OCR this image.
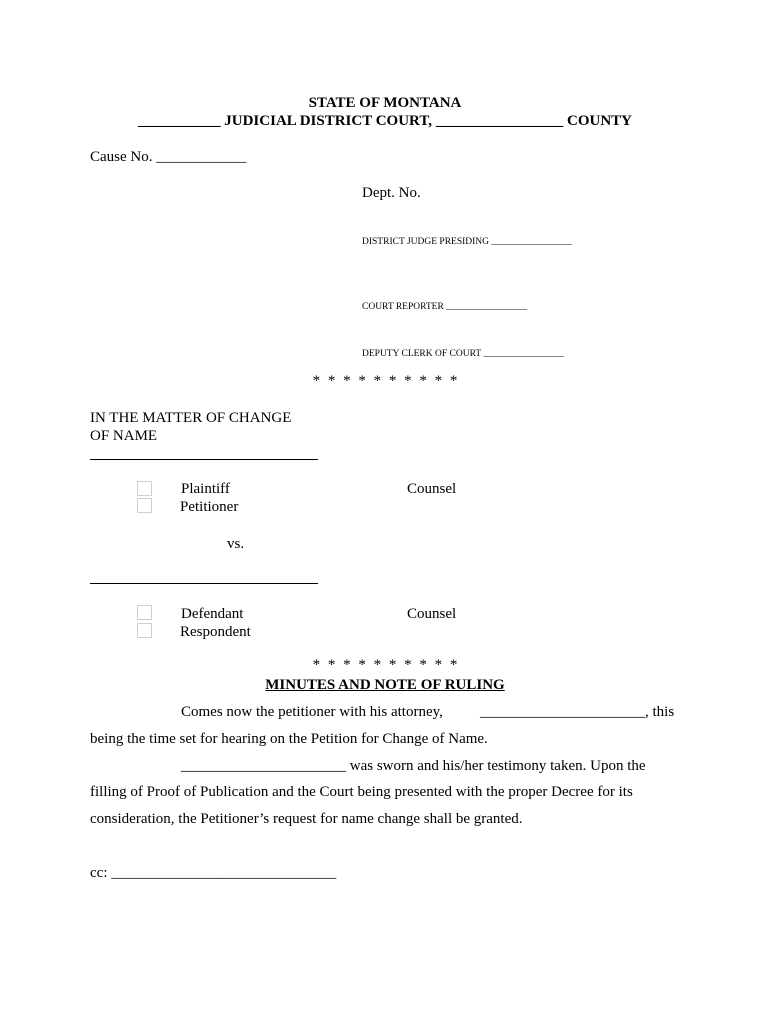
STATE OF MONTANA
___________ JUDICIAL DISTRICT COURT, _________________ COUNTY
Cause No. ____________
Dept. No.
DISTRICT JUDGE PRESIDING _________________
COURT REPORTER _________________
DEPUTY CLERK OF COURT _________________
* * * * * * * * * *
IN THE MATTER OF CHANGE
OF NAME
Plaintiff
Petitioner
Counsel
vs.
Defendant
Respondent
Counsel
* * * * * * * * * *
MINUTES AND NOTE OF RULING
Comes now the petitioner with his attorney, ______________________, this
being the time set for hearing on the Petition for Change of Name.
______________________ was sworn and his/her testimony taken. Upon the
filling of Proof of Publication and the Court being presented with the proper Decree for its
consideration, the Petitioner’s request for name change shall be granted.
cc: ______________________________
